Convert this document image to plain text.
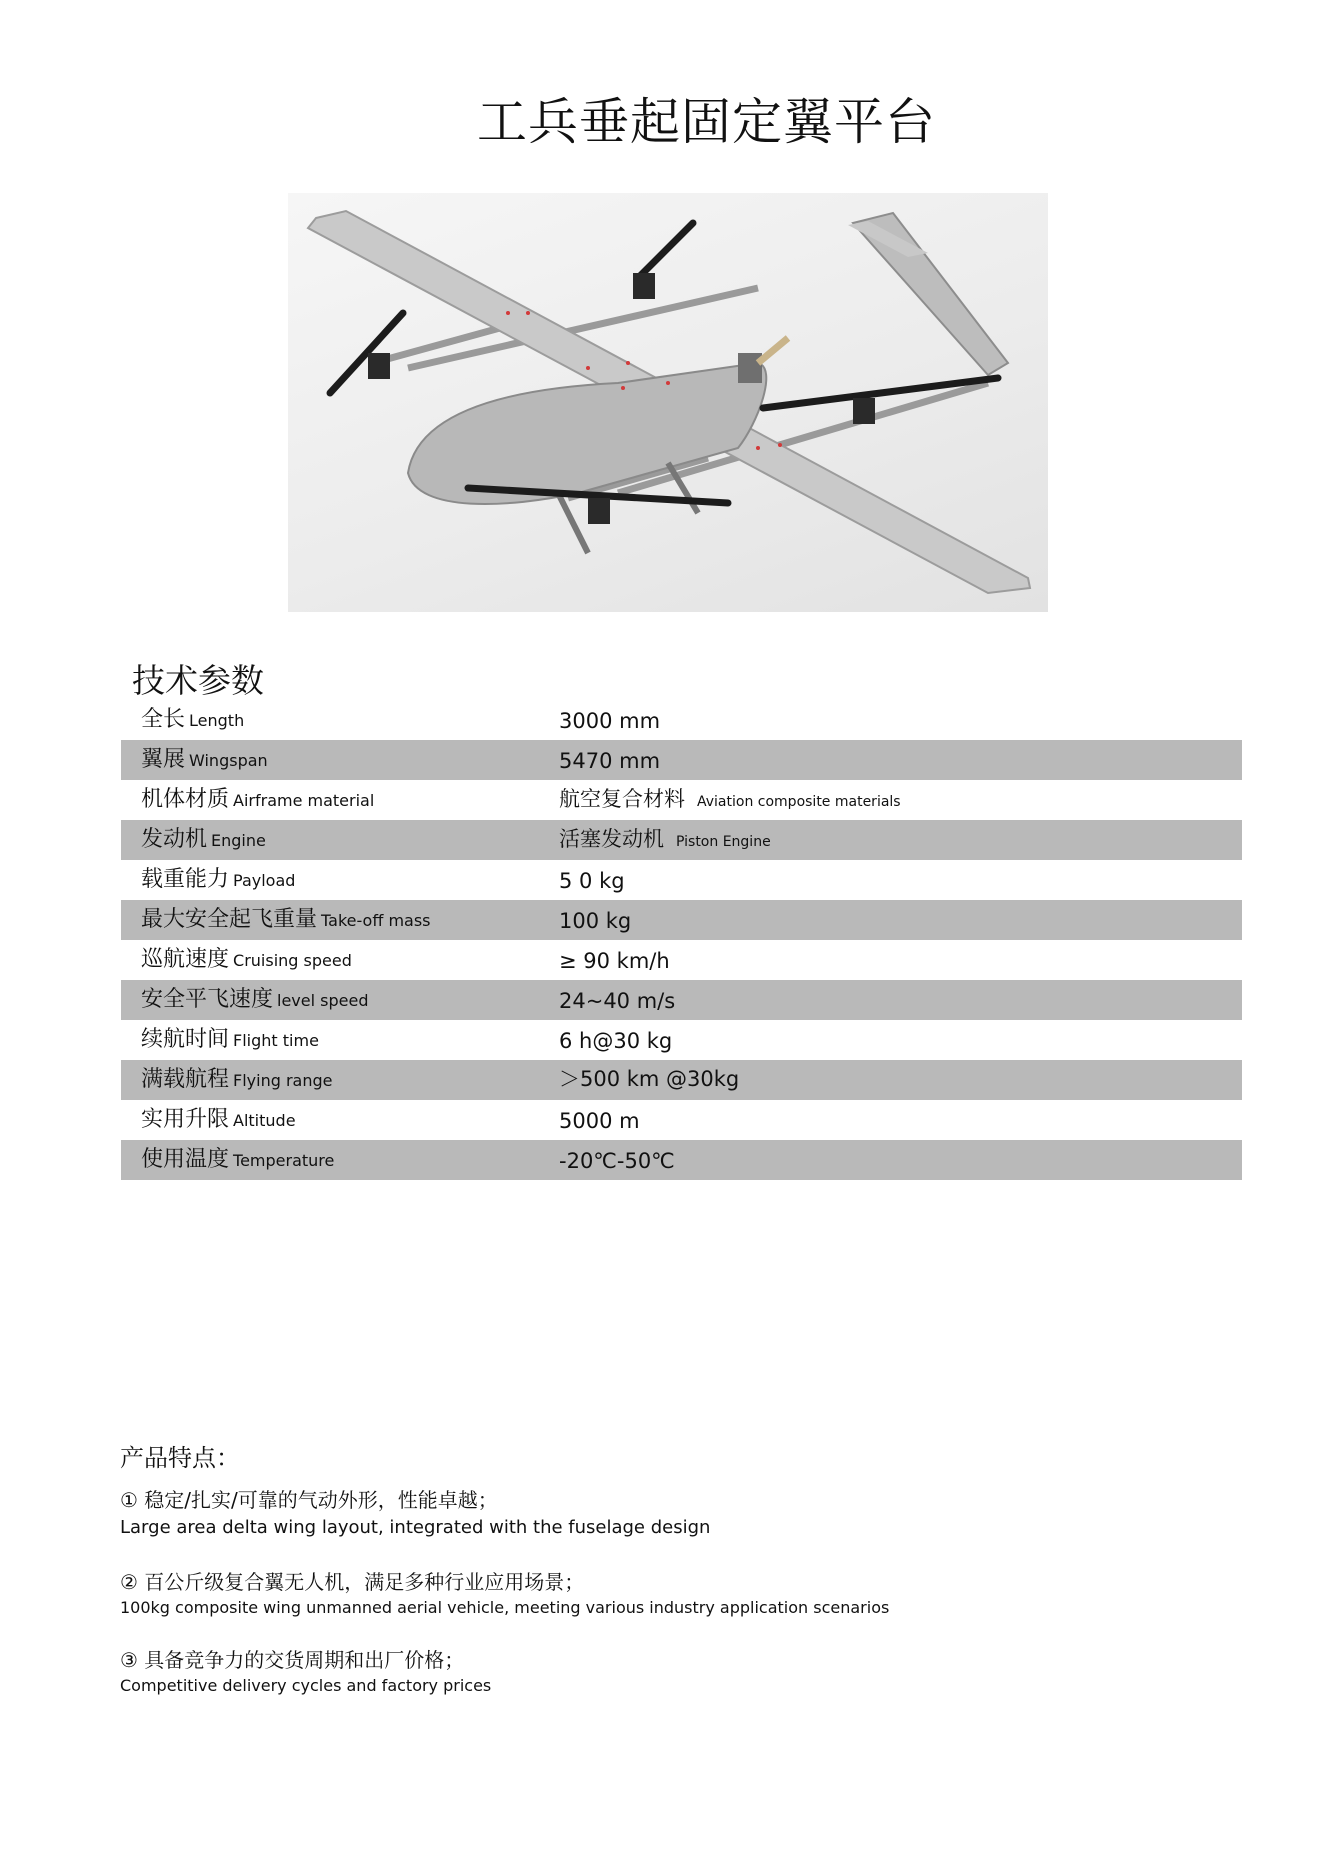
工兵垂起固定翼平台
技术参数
全长 Length	3000 mm
翼展 Wingspan	5470 mm
机体材质 Airframe material	航空复合材料 Aviation composite materials
发动机 Engine	活塞发动机 Piston Engine
载重能力 Payload	5 0 kg
最大安全起飞重量 Take-off mass	100 kg
巡航速度 Cruising speed	≥ 90 km/h
安全平飞速度 level speed	24~40 m/s
续航时间 Flight time	6 h@30 kg
满载航程 Flying range	＞500 km @30kg
实用升限 Altitude	5000 m
使用温度 Temperature	-20℃-50℃
产品特点：
① 稳定/扎实/可靠的气动外形，性能卓越；
Large area delta wing layout, integrated with the fuselage design
② 百公斤级复合翼无人机，满足多种行业应用场景；
100kg composite wing unmanned aerial vehicle, meeting various industry application scenarios
③ 具备竞争力的交货周期和出厂价格；
Competitive delivery cycles and factory prices
